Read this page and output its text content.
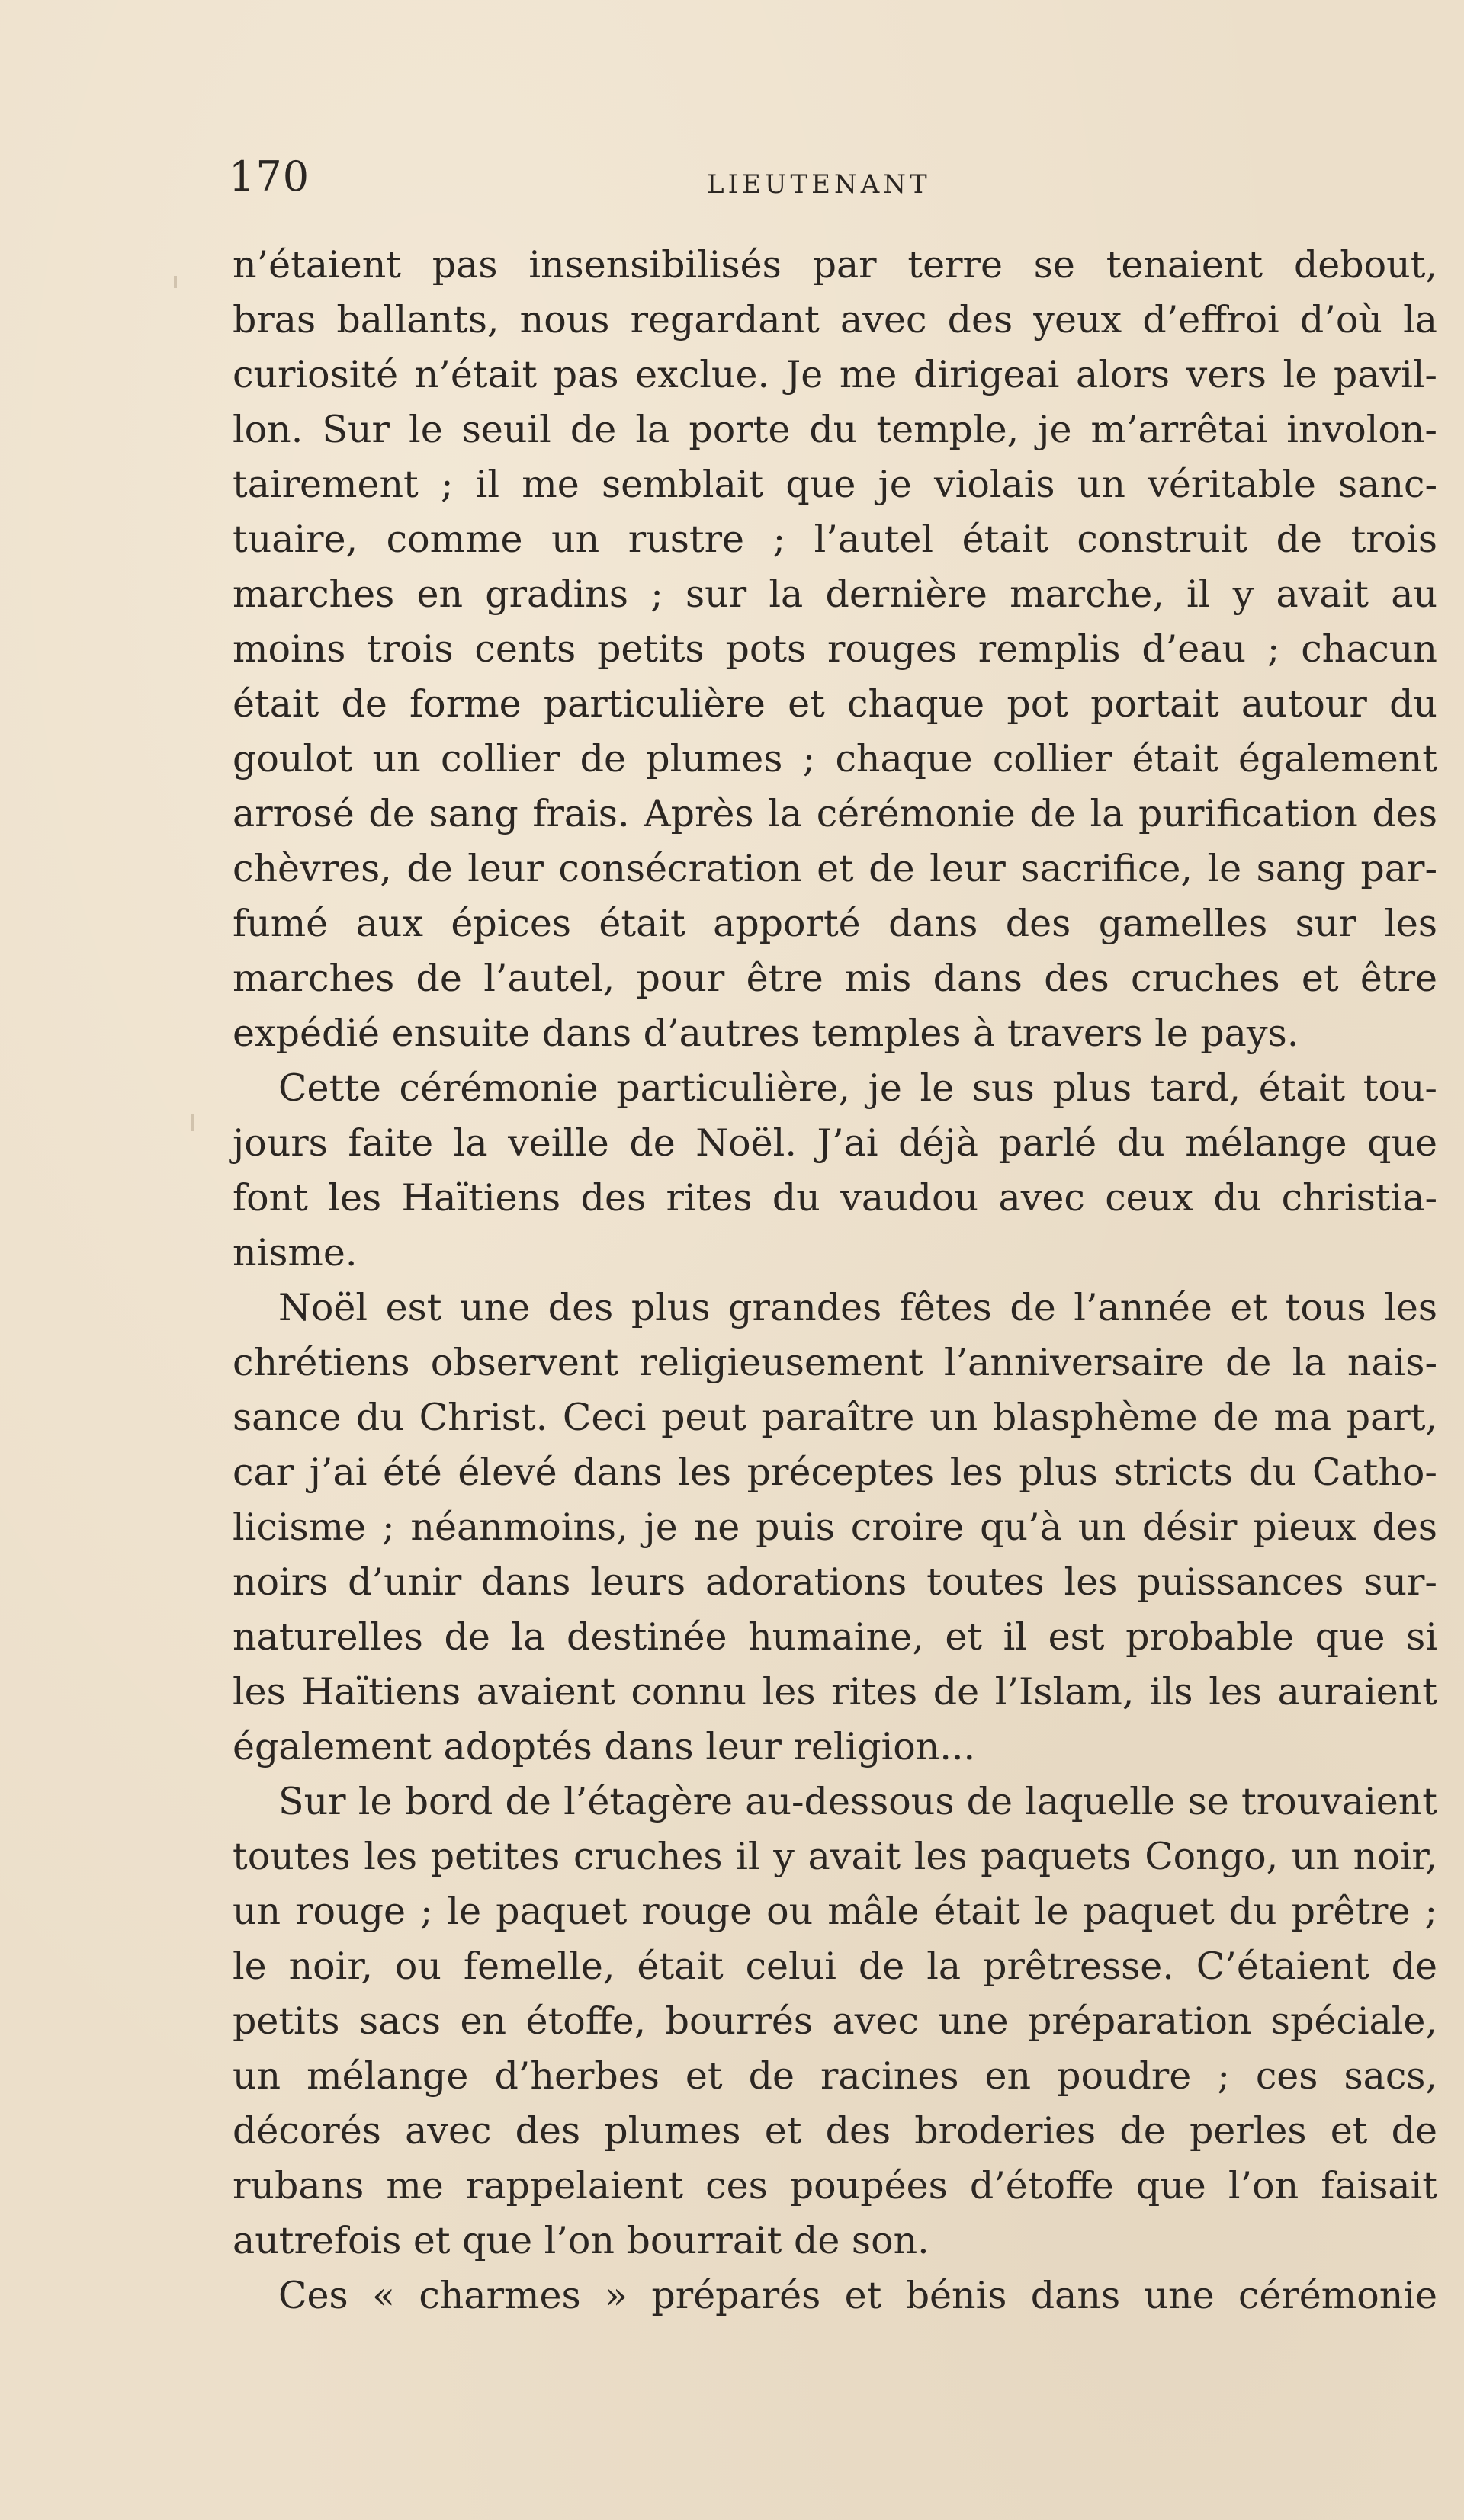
170	LIEUTENANT
n’étaient pas insensibilisés par terre se tenaient debout,
bras ballants, nous regardant avec des yeux d’effroi d’où la
curiosité n’était pas exclue. Je me dirigeai alors vers le pavil-
lon. Sur le seuil de la porte du temple, je m’arrêtai involon-
tairement ; il me semblait que je violais un véritable sanc-
tuaire, comme un rustre ; l’autel était construit de trois
marches en gradins ; sur la dernière marche, il y avait au
moins trois cents petits pots rouges remplis d’eau ; chacun
était de forme particulière et chaque pot portait autour du
goulot un collier de plumes ; chaque collier était également
arrosé de sang frais. Après la cérémonie de la purification des
chèvres, de leur consécration et de leur sacrifice, le sang par-
fumé aux épices était apporté dans des gamelles sur les
marches de l’autel, pour être mis dans des cruches et être
expédié ensuite dans d’autres temples à travers le pays.
Cette cérémonie particulière, je le sus plus tard, était tou-
jours faite la veille de Noël. J’ai déjà parlé du mélange que
font les Haïtiens des rites du vaudou avec ceux du christia-
nisme.
Noël est une des plus grandes fêtes de l’année et tous les
chrétiens observent religieusement l’anniversaire de la nais-
sance du Christ. Ceci peut paraître un blasphème de ma part,
car j’ai été élevé dans les préceptes les plus stricts du Catho-
licisme ; néanmoins, je ne puis croire qu’à un désir pieux des
noirs d’unir dans leurs adorations toutes les puissances sur-
naturelles de la destinée humaine, et il est probable que si
les Haïtiens avaient connu les rites de l’Islam, ils les auraient
également adoptés dans leur religion...
Sur le bord de l’étagère au-dessous de laquelle se trouvaient
toutes les petites cruches il y avait les paquets Congo, un noir,
un rouge ; le paquet rouge ou mâle était le paquet du prêtre ;
le noir, ou femelle, était celui de la prêtresse. C’étaient de
petits sacs en étoffe, bourrés avec une préparation spéciale,
un mélange d’herbes et de racines en poudre ; ces sacs,
décorés avec des plumes et des broderies de perles et de
rubans me rappelaient ces poupées d’étoffe que l’on faisait
autrefois et que l’on bourrait de son.
Ces « charmes » préparés et bénis dans une cérémonie
